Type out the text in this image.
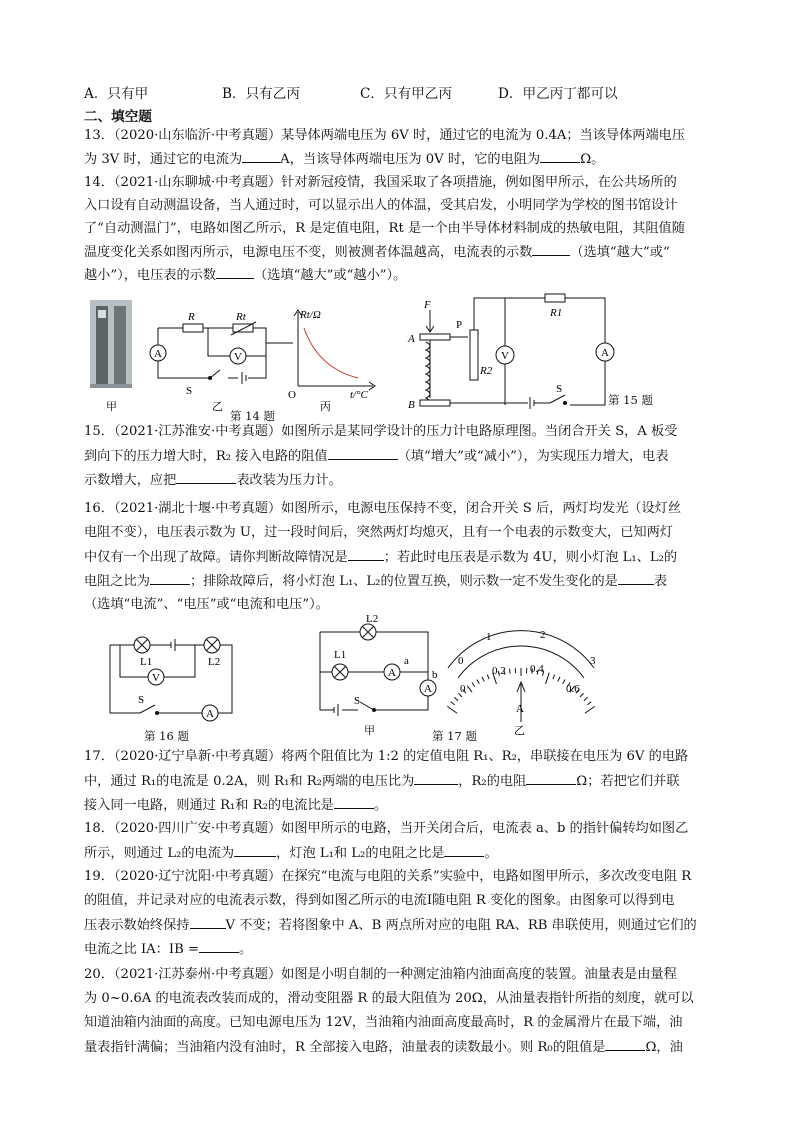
A．只有甲	B．只有乙丙	C．只有甲乙丙	D．甲乙丙丁都可以
二、填空题
13．（2020·山东临沂·中考真题）某导体两端电压为 6V 时，通过它的电流为 0.4A；当该导体两端电压
为 3V 时，通过它的电流为	A，当该导体两端电压为 0V 时，它的电阻为	Ω。
14．（2021·山东聊城·中考真题）针对新冠疫情，我国采取了各项措施，例如图甲所示，在公共场所的
入口设有自动测温设备，当人通过时，可以显示出人的体温，受其启发，小明同学为学校的图书馆设计
了“自动测温门”，电路如图乙所示，R 是定值电阻，Rt 是一个由半导体材料制成的热敏电阻，其阻值随
温度变化关系如图丙所示，电源电压不变，则被测者体温越高，电流表的示数	（选填“越大”或“
越小”），电压表的示数	（选填“越大”或“越小”）。
甲
R	Rt
A	V
S
乙
Rt/Ω
O	t/°C
丙
第 14 题
F
P
A
B
R2
R1
V	A
S
第 15 题
15．（2021·江苏淮安·中考真题）如图所示是某同学设计的压力计电路原理图。当闭合开关 S，A 板受
到向下的压力增大时，R₂ 接入电路的阻值	（填“增大”或“减小”），为实现压力增大，电表
示数增大，应把	表改装为压力计。
16．（2021·湖北十堰·中考真题）如图所示，电源电压保持不变，闭合开关 S 后，两灯均发光（设灯丝
电阻不变），电压表示数为 U，过一段时间后，突然两灯均熄灭，且有一个电表的示数变大，已知两灯
中仅有一个出现了故障。请你判断故障情况是	；若此时电压表是示数为 4U，则小灯泡 L₁、L₂的
电阻之比为	；排除故障后，将小灯泡 L₁、L₂的位置互换，则示数一定不发生变化的是	表
（选填“电流”、“电压”或“电流和电压”）。
L1	L2
V
A
S
第 16 题
L2
L1
A
A
a
b
S
甲
0
1	2
3
0
0.2 0.4
0.6
A
乙
第 17 题
17．（2020·辽宁阜新·中考真题）将两个阻值比为 1:2 的定值电阻 R₁、R₂，串联接在电压为 6V 的电路
中，通过 R₁的电流是 0.2A，则 R₁和 R₂两端的电压比为	，R₂的电阻	Ω；若把它们并联
接入同一电路，则通过 R₁和 R₂的电流比是	。
18．（2020·四川广安·中考真题）如图甲所示的电路，当开关闭合后，电流表 a、b 的指针偏转均如图乙
所示，则通过 L₂的电流为	，灯泡 L₁和 L₂的电阻之比是	。
19．（2020·辽宁沈阳·中考真题）在探究“电流与电阻的关系”实验中，电路如图甲所示，多次改变电阻 R
的阻值，并记录对应的电流表示数，得到如图乙所示的电流I随电阻 R 变化的图象。由图象可以得到电
压表示数始终保持	V 不变；若将图象中 A、B 两点所对应的电阻 RA、RB 串联使用，则通过它们的
电流之比 IA：IB =	。
20．（2021·江苏泰州·中考真题）如图是小明自制的一种测定油箱内油面高度的装置。油量表是由量程
为 0~0.6A 的电流表改装而成的，滑动变阻器 R 的最大阻值为 20Ω，从油量表指针所指的刻度，就可以
知道油箱内油面的高度。已知电源电压为 12V，当油箱内油面高度最高时，R 的金属滑片在最下端，油
量表指针满偏；当油箱内没有油时，R 全部接入电路，油量表的读数最小。则 R₀的阻值是	Ω，油
